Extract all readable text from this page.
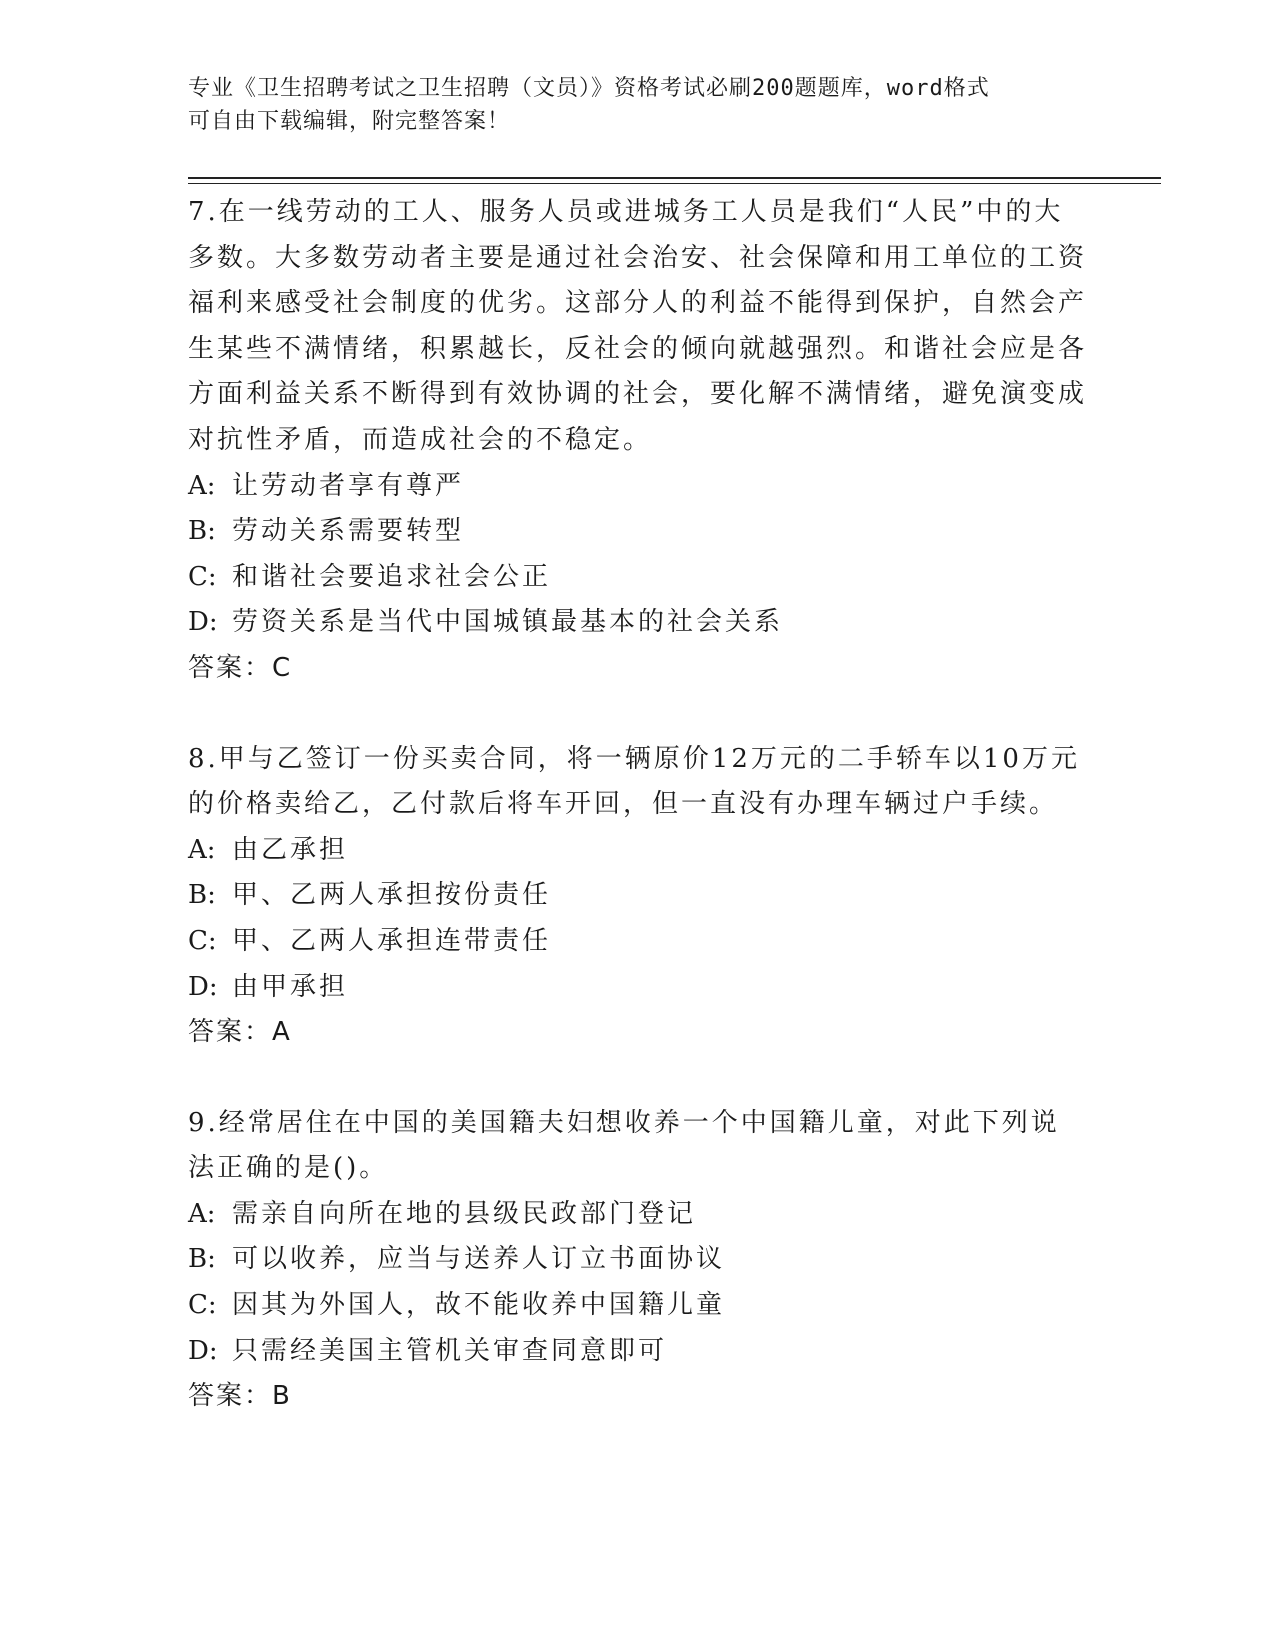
专业《卫生招聘考试之卫生招聘（文员）》资格考试必刷200题题库，word格式
可自由下载编辑，附完整答案！

7.在一线劳动的工人、服务人员或进城务工人员是我们“人民”中的大多数。大多数劳动者主要是通过社会治安、社会保障和用工单位的工资福利来感受社会制度的优劣。这部分人的利益不能得到保护，自然会产生某些不满情绪，积累越长，反社会的倾向就越强烈。和谐社会应是各方面利益关系不断得到有效协调的社会，要化解不满情绪，避免演变成对抗性矛盾，而造成社会的不稳定。

A: 让劳动者享有尊严
B: 劳动关系需要转型
C: 和谐社会要追求社会公正
D: 劳资关系是当代中国城镇最基本的社会关系
答案：C

8.甲与乙签订一份买卖合同，将一辆原价12万元的二手轿车以10万元的价格卖给乙，乙付款后将车开回，但一直没有办理车辆过户手续。

A: 由乙承担
B: 甲、乙两人承担按份责任
C: 甲、乙两人承担连带责任
D: 由甲承担
答案：A

9.经常居住在中国的美国籍夫妇想收养一个中国籍儿童，对此下列说法正确的是()。

A: 需亲自向所在地的县级民政部门登记
B: 可以收养，应当与送养人订立书面协议
C: 因其为外国人，故不能收养中国籍儿童
D: 只需经美国主管机关审查同意即可
答案：B
